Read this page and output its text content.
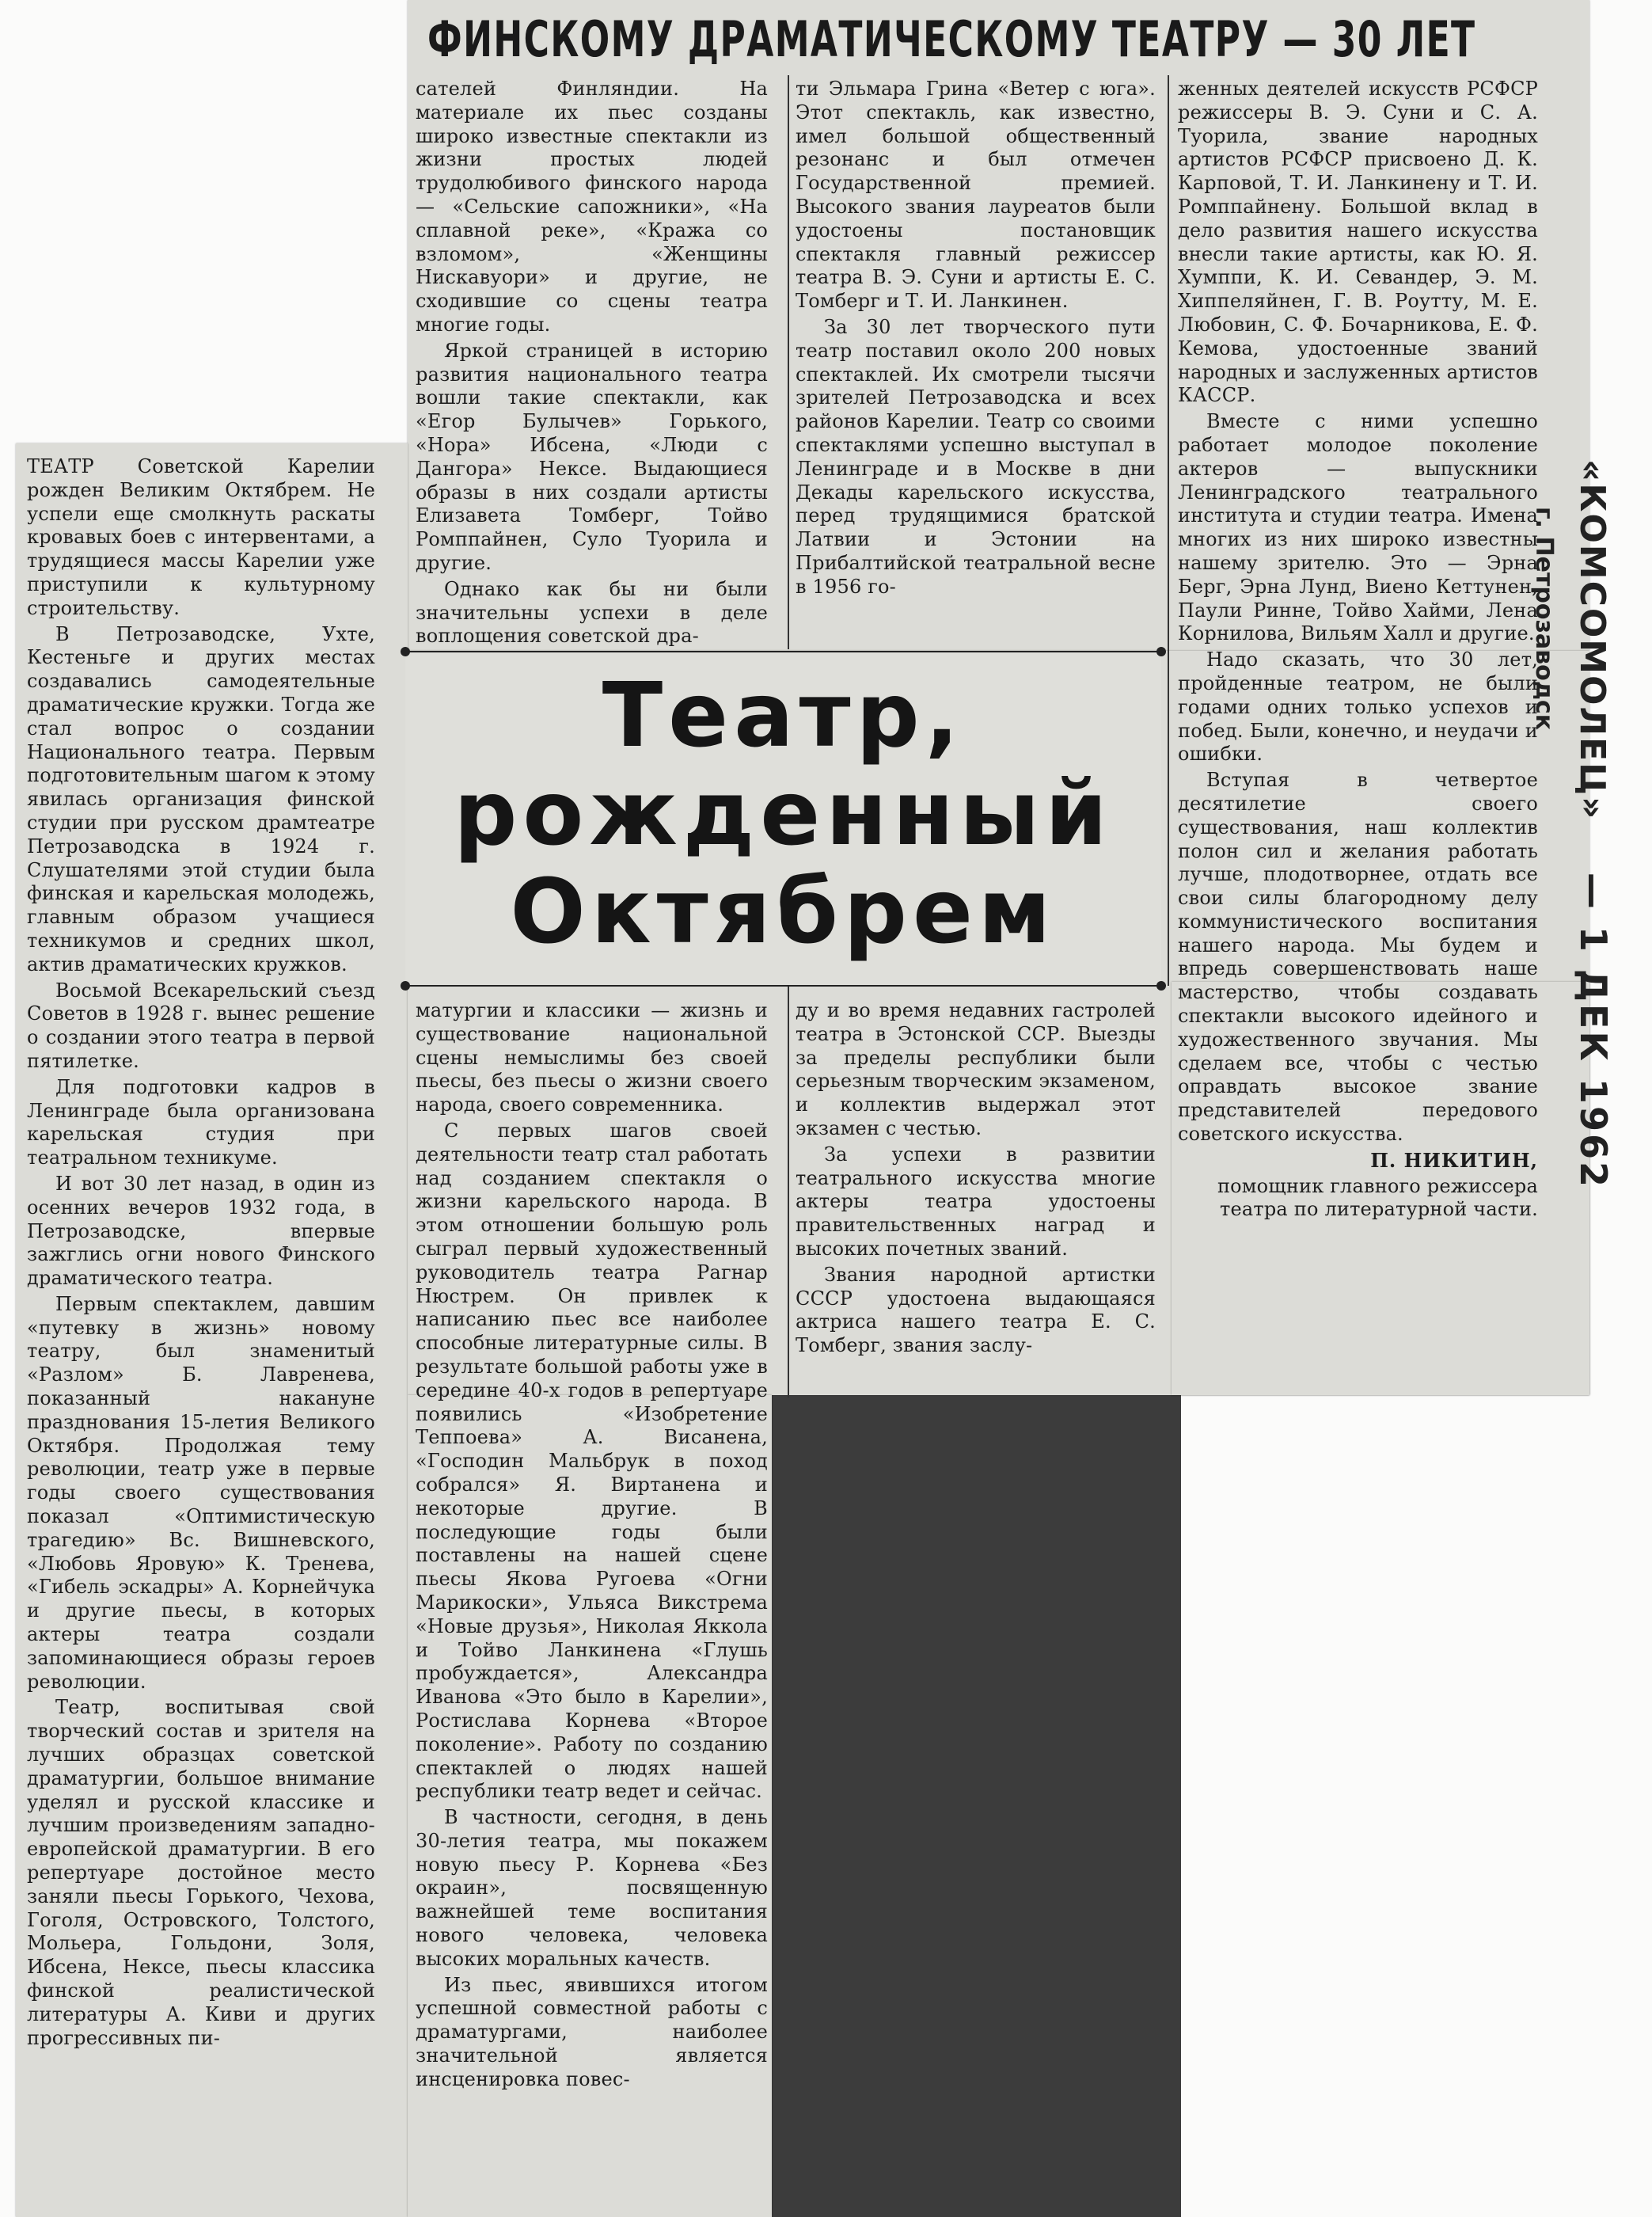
ФИНСКОМУ ДРАМАТИЧЕСКОМУ ТЕАТРУ — 30 ЛЕТ

ТЕАТР Советской Карелии рожден Великим Октябрем. Не успели еще смолкнуть раскаты кровавых боев с интервентами, а трудящиеся массы Карелии уже приступили к культурному строительству.

В Петрозаводске, Ухте, Кестеньге и других местах создавались самодеятельные драматические кружки. Тогда же стал вопрос о создании Национального театра. Первым подготовительным шагом к этому явилась организация финской студии при русском драмтеатре Петрозаводска в 1924 г. Слушателями этой студии была финская и карельская молодежь, главным образом учащиеся техникумов и средних школ, актив драматических кружков.

Восьмой Всекарельский съезд Советов в 1928 г. вынес решение о создании этого театра в первой пятилетке.

Для подготовки кадров в Ленинграде была организована карельская студия при театральном техникуме.

И вот 30 лет назад, в один из осенних вечеров 1932 года, в Петрозаводске, впервые зажглись огни нового Финского драматического театра.

Первым спектаклем, давшим «путевку в жизнь» новому театру, был знаменитый «Разлом» Б. Лавренева, показанный накануне празднования 15-летия Великого Октября. Продолжая тему революции, театр уже в первые годы своего существования показал «Оптимистическую трагедию» Вс. Вишневского, «Любовь Яровую» К. Тренева, «Гибель эскадры» А. Корнейчука и другие пьесы, в которых актеры театра создали запоминающиеся образы героев революции.

Театр, воспитывая свой творческий состав и зрителя на лучших образцах советской драматургии, большое внимание уделял и русской классике и лучшим произведениям западно-европейской драматургии. В его репертуаре достойное место заняли пьесы Горького, Чехова, Гоголя, Островского, Толстого, Мольера, Гольдони, Золя, Ибсена, Нексе, пьесы классика финской реалистической литературы А. Киви и других прогрессивных пи-

сателей Финляндии. На материале их пьес созданы широко известные спектакли из жизни простых людей трудолюбивого финского народа — «Сельские сапожники», «На сплавной реке», «Кража со взломом», «Женщины Нискавуори» и другие, не сходившие со сцены театра многие годы.

Яркой страницей в историю развития национального театра вошли такие спектакли, как «Егор Булычев» Горького, «Нора» Ибсена, «Люди с Дангора» Нексе. Выдающиеся образы в них создали артисты Елизавета Томберг, Тойво Ромппайнен, Суло Туорила и другие.

Однако как бы ни были значительны успехи в деле воплощения советской дра-

ти Эльмара Грина «Ветер с юга». Этот спектакль, как известно, имел большой общественный резонанс и был отмечен Государственной премией. Высокого звания лауреатов были удостоены постановщик спектакля главный режиссер театра В. Э. Суни и артисты Е. С. Томберг и Т. И. Ланкинен.

За 30 лет творческого пути театр поставил около 200 новых спектаклей. Их смотрели тысячи зрителей Петрозаводска и всех районов Карелии. Театр со своими спектаклями успешно выступал в Ленинграде и в Москве в дни Декады карельского искусства, перед трудящимися братской Латвии и Эстонии на Прибалтийской театральной весне в 1956 го-

женных деятелей искусств РСФСР режиссеры В. Э. Суни и С. А. Туорила, звание народных артистов РСФСР присвоено Д. К. Карповой, Т. И. Ланкинену и Т. И. Ромппайнену. Большой вклад в дело развития нашего искусства внесли такие артисты, как Ю. Я. Хумппи, К. И. Севандер, Э. М. Хиппеляйнен, Г. В. Роутту, М. Е. Любовин, С. Ф. Бочарникова, Е. Ф. Кемова, удостоенные званий народных и заслуженных артистов КАССР.

Вместе с ними успешно работает молодое поколение актеров — выпускники Ленинградского театрального института и студии театра. Имена многих из них широко известны нашему зрителю. Это — Эрна Берг, Эрна Лунд, Виено Кеттунен, Паули Ринне, Тойво Хайми, Лена Корнилова, Вильям Халл и другие.

Надо сказать, что 30 лет, пройденные театром, не были годами одних только успехов и побед. Были, конечно, и неудачи и ошибки.

Вступая в четвертое десятилетие своего существования, наш коллектив полон сил и желания работать лучше, плодотворнее, отдать все свои силы благородному делу коммунистического воспитания нашего народа. Мы будем и впредь совершенствовать наше мастерство, чтобы создавать спектакли высокого идейного и художественного звучания. Мы сделаем все, чтобы с честью оправдать высокое звание представителей передового советского искусства.

П. НИКИТИН,

помощник главного режиссера театра по литературной части.

Театр,
рожденный
Октябрем

матургии и классики — жизнь и существование национальной сцены немыслимы без своей пьесы, без пьесы о жизни своего народа, своего современника.

С первых шагов своей деятельности театр стал работать над созданием спектакля о жизни карельского народа. В этом отношении большую роль сыграл первый художественный руководитель театра Рагнар Нюстрем. Он привлек к написанию пьес все наиболее способные литературные силы. В результате большой работы уже в середине 40-х годов в репертуаре появились «Изобретение Теппоева» А. Висанена, «Господин Мальбрук в поход собрался» Я. Виртанена и некоторые другие. В последующие годы были поставлены на нашей сцене пьесы Якова Ругоева «Огни Марикоски», Ульяса Викстрема «Новые друзья», Николая Яккола и Тойво Ланкинена «Глушь пробуждается», Александра Иванова «Это было в Карелии», Ростислава Корнева «Второе поколение». Работу по созданию спектаклей о людях нашей республики театр ведет и сейчас.

В частности, сегодня, в день 30-летия театра, мы покажем новую пьесу Р. Корнева «Без окраин», посвященную важнейшей теме воспитания нового человека, человека высоких моральных качеств.

Из пьес, явившихся итогом успешной совместной работы с драматургами, наиболее значительной является инсценировка повес-

ду и во время недавних гастролей театра в Эстонской ССР. Выезды за пределы республики были серьезным творческим экзаменом, и коллектив выдержал этот экзамен с честью.

За успехи в развитии театрального искусства многие актеры театра удостоены правительственных наград и высоких почетных званий.

Звания народной артистки СССР удостоена выдающаяся актриса нашего театра Е. С. Томберг, звания заслу-

«КОМСОМОЛЕЦ» — 1 ДЕК 1962
г. Петрозаводск
